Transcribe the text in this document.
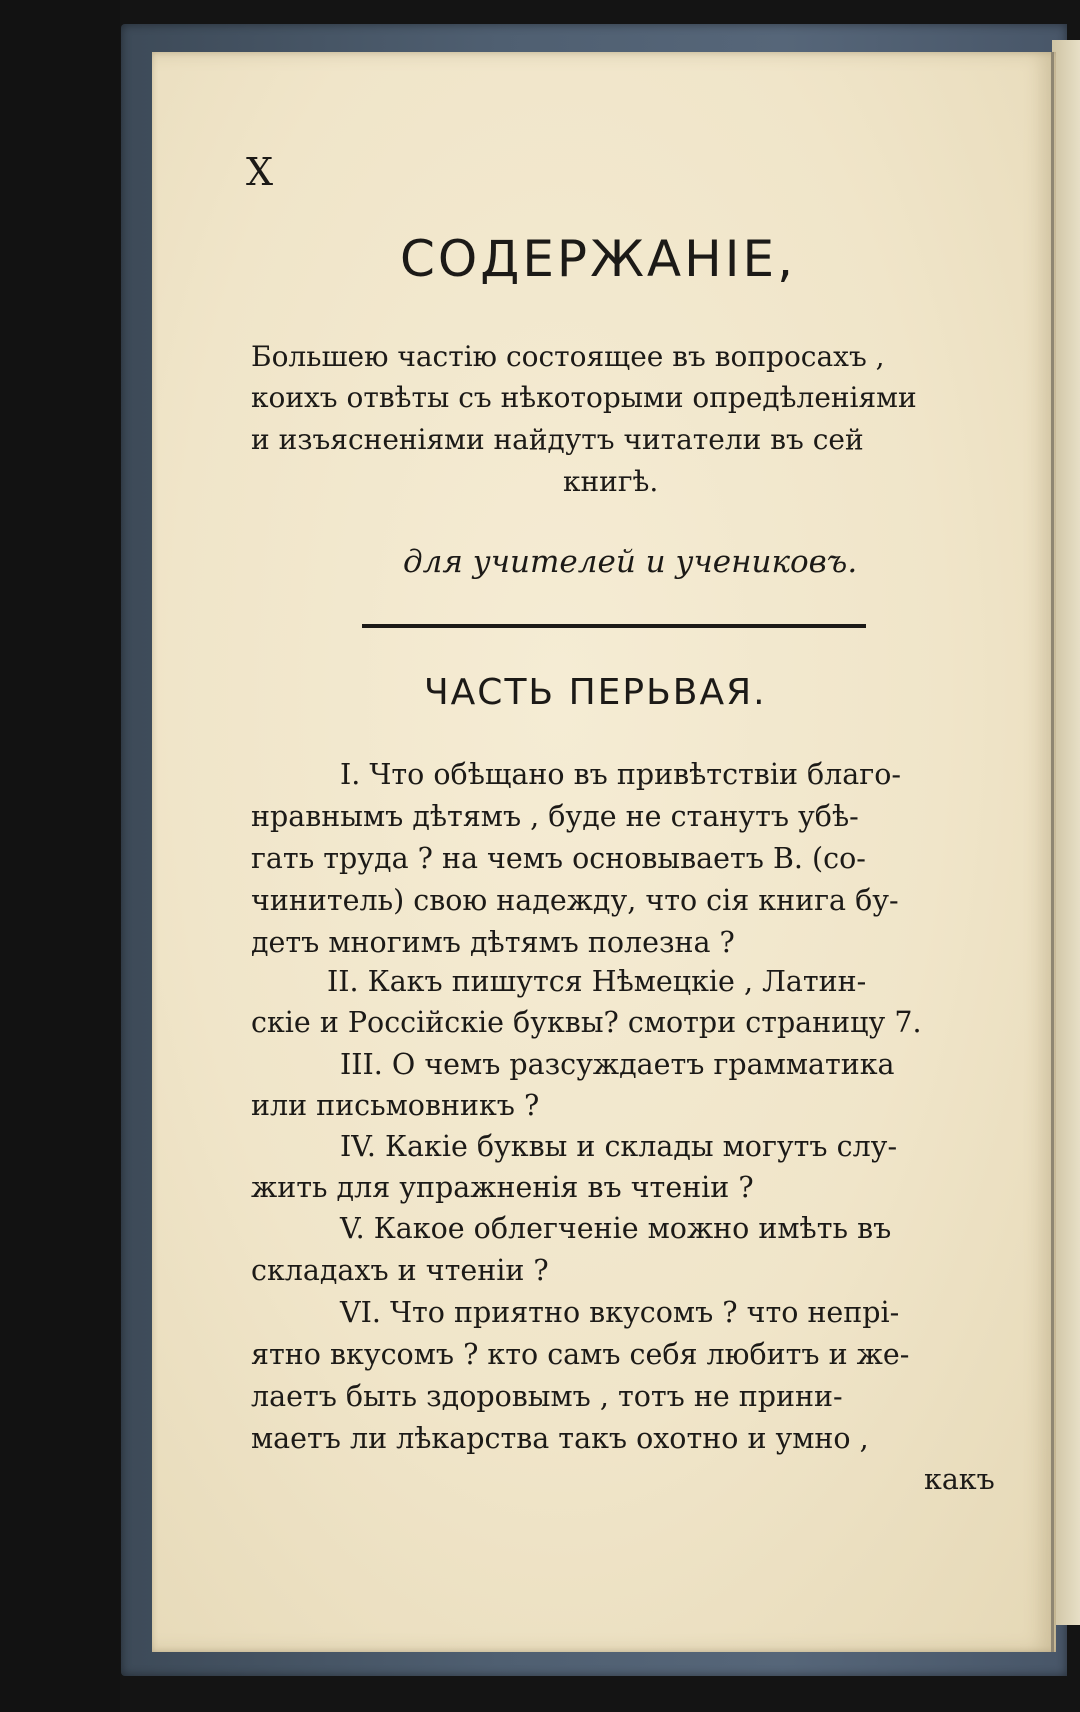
X
СОДЕРЖАНІЕ,
Большею частію состоящее въ вопросахъ ,
коихъ отвѣты съ нѣкоторыми опредѣленіями
и изъясненіями найдутъ читатели въ сей
книгѣ.
для учителей и учениковъ.
ЧАСТЬ ПЕРЬВАЯ.
I. Что обѣщано въ привѣтствіи благо-
нравнымъ дѣтямъ , буде не станутъ убѣ-
гать труда ? на чемъ основываетъ В. (со-
чинитель) свою надежду, что сія книга бу-
детъ многимъ дѣтямъ полезна ?
II. Какъ пишутся Нѣмецкіе , Латин-
скіе и Россійскіе буквы? смотри страницу 7.
III. О чемъ разсуждаетъ грамматика
или письмовникъ ?
IV. Какіе буквы и склады могутъ слу-
жить для упражненія въ чтеніи ?
V. Какое облегченіе можно имѣть въ
складахъ и чтеніи ?
VI. Что приятно вкусомъ ? что непрі-
ятно вкусомъ ? кто самъ себя любитъ и же-
лаетъ быть здоровымъ , тотъ не прини-
маетъ ли лѣкарства такъ охотно и умно ,
какъ
